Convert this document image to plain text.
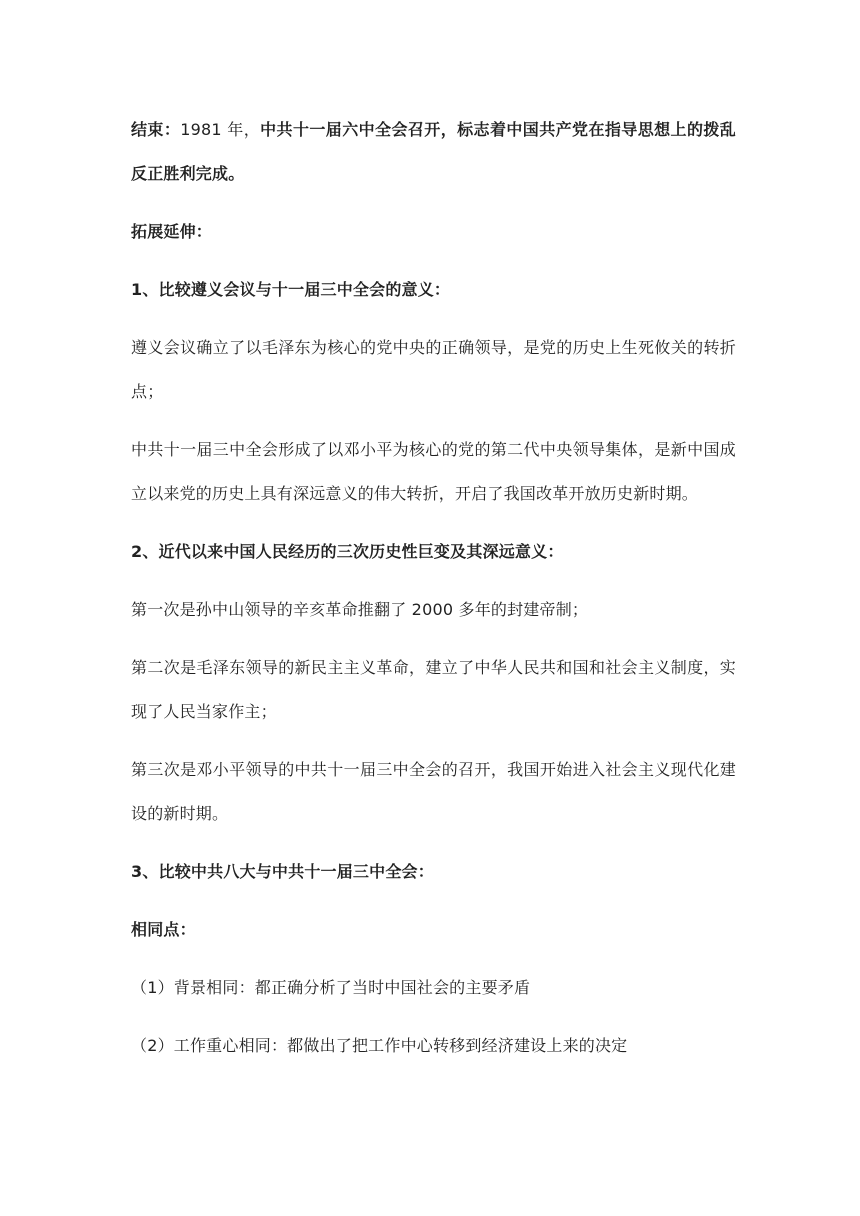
结束：1981 年，中共十一届六中全会召开，标志着中国共产党在指导思想上的拨乱反正胜利完成。

拓展延伸：

1、比较遵义会议与十一届三中全会的意义：

遵义会议确立了以毛泽东为核心的党中央的正确领导，是党的历史上生死攸关的转折点；

中共十一届三中全会形成了以邓小平为核心的党的第二代中央领导集体，是新中国成立以来党的历史上具有深远意义的伟大转折，开启了我国改革开放历史新时期。

2、近代以来中国人民经历的三次历史性巨变及其深远意义：

第一次是孙中山领导的辛亥革命推翻了 2000 多年的封建帝制；

第二次是毛泽东领导的新民主主义革命，建立了中华人民共和国和社会主义制度，实现了人民当家作主；

第三次是邓小平领导的中共十一届三中全会的召开，我国开始进入社会主义现代化建设的新时期。

3、比较中共八大与中共十一届三中全会：

相同点：

（1）背景相同：都正确分析了当时中国社会的主要矛盾

（2）工作重心相同：都做出了把工作中心转移到经济建设上来的决定
